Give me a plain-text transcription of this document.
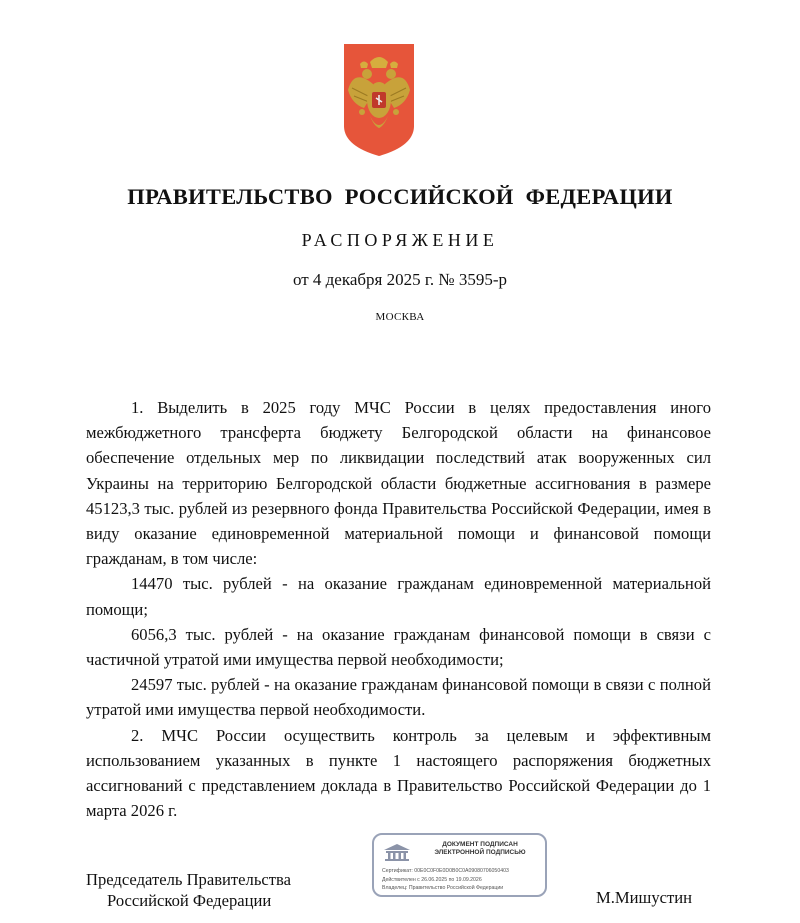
ПРАВИТЕЛЬСТВО РОССИЙСКОЙ ФЕДЕРАЦИИ
РАСПОРЯЖЕНИЕ
от 4 декабря 2025 г. № 3595-р
МОСКВА

1. Выделить в 2025 году МЧС России в целях предоставления иного межбюджетного трансферта бюджету Белгородской области на финансовое обеспечение отдельных мер по ликвидации последствий атак вооруженных сил Украины на территорию Белгородской области бюджетные ассигнования в размере 45123,3 тыс. рублей из резервного фонда Правительства Российской Федерации, имея в виду оказание единовременной материальной помощи и финансовой помощи гражданам, в том числе:

14470 тыс. рублей - на оказание гражданам единовременной материальной помощи;

6056,3 тыс. рублей - на оказание гражданам финансовой помощи в связи с частичной утратой ими имущества первой необходимости;

24597 тыс. рублей - на оказание гражданам финансовой помощи в связи с полной утратой ими имущества первой необходимости.

2. МЧС России осуществить контроль за целевым и эффективным использованием указанных в пункте 1 настоящего распоряжения бюджетных ассигнований с представлением доклада в Правительство Российской Федерации до 1 марта 2026 г.

Председатель Правительства
Российской Федерации
ДОКУМЕНТ ПОДПИСАН ЭЛЕКТРОННОЙ ПОДПИСЬЮ
Сертификат: 00E0C0F0E0D0B0C0A09080706050403
Действителен с 26.06.2025 по 19.09.2026
Владелец: Правительство Российской Федерации	М.Мишустин
